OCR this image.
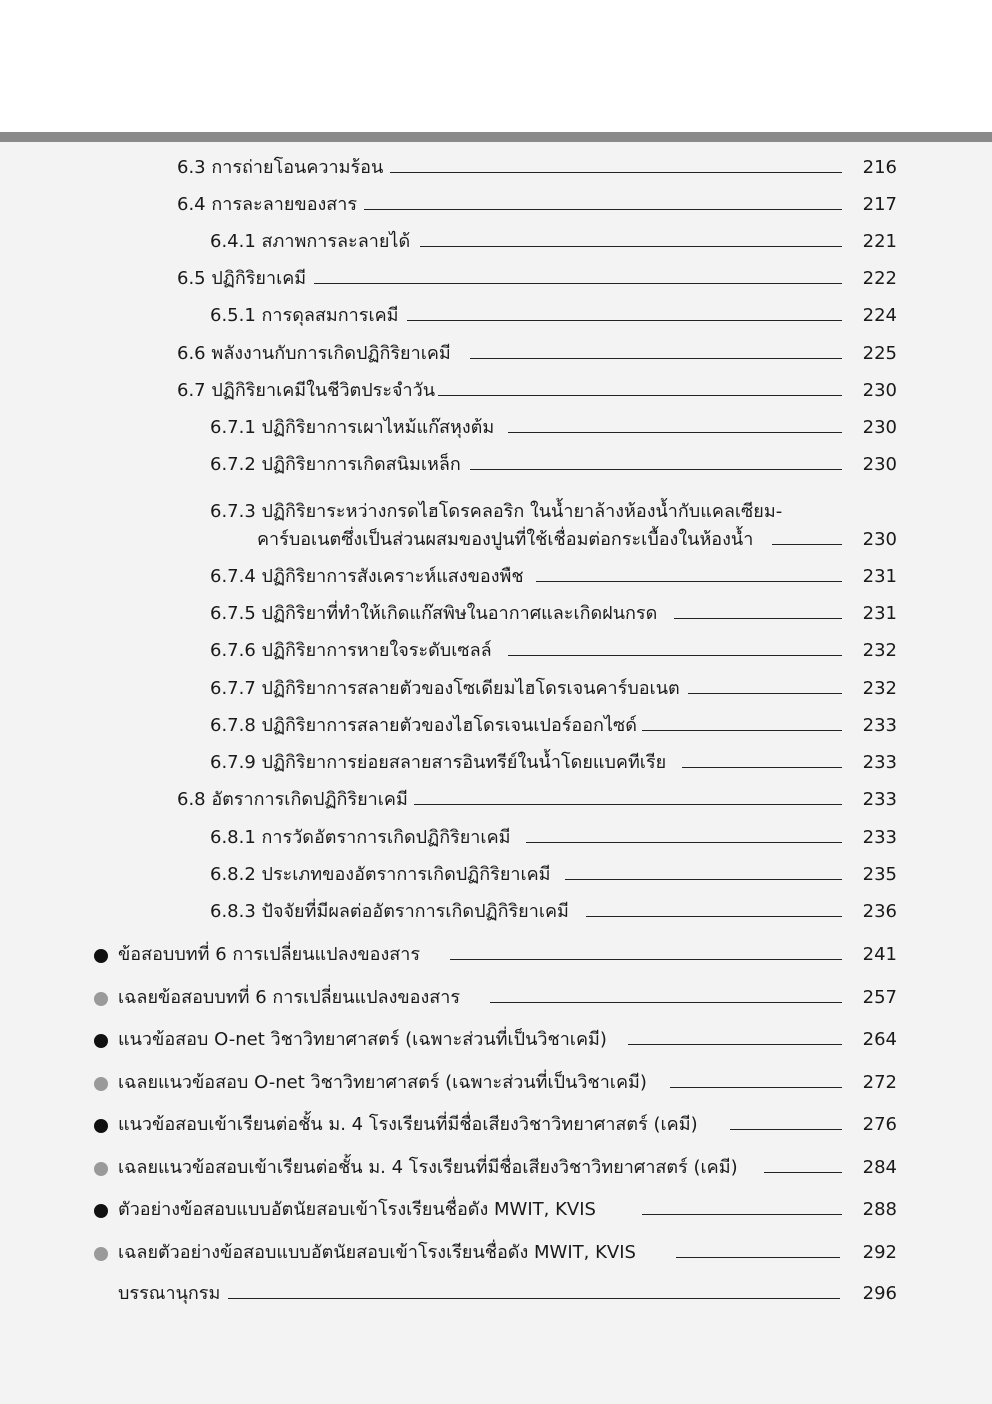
6.3 การถ่ายโอนความร้อน	216
6.4 การละลายของสาร	217
6.4.1 สภาพการละลายได้	221
6.5 ปฏิกิริยาเคมี	222
6.5.1 การดุลสมการเคมี	224
6.6 พลังงานกับการเกิดปฏิกิริยาเคมี	225
6.7 ปฏิกิริยาเคมีในชีวิตประจำวัน	230
6.7.1 ปฏิกิริยาการเผาไหม้แก๊สหุงต้ม	230
6.7.2 ปฏิกิริยาการเกิดสนิมเหล็ก	230
6.7.3 ปฏิกิริยาระหว่างกรดไฮโดรคลอริก ในน้ำยาล้างห้องน้ำกับแคลเซียม-
คาร์บอเนตซึ่งเป็นส่วนผสมของปูนที่ใช้เชื่อมต่อกระเบื้องในห้องน้ำ	230
6.7.4 ปฏิกิริยาการสังเคราะห์แสงของพืช	231
6.7.5 ปฏิกิริยาที่ทำให้เกิดแก๊สพิษในอากาศและเกิดฝนกรด	231
6.7.6 ปฏิกิริยาการหายใจระดับเซลล์	232
6.7.7 ปฏิกิริยาการสลายตัวของโซเดียมไฮโดรเจนคาร์บอเนต	232
6.7.8 ปฏิกิริยาการสลายตัวของไฮโดรเจนเปอร์ออกไซด์	233
6.7.9 ปฏิกิริยาการย่อยสลายสารอินทรีย์ในน้ำโดยแบคทีเรีย	233
6.8 อัตราการเกิดปฏิกิริยาเคมี	233
6.8.1 การวัดอัตราการเกิดปฏิกิริยาเคมี	233
6.8.2 ประเภทของอัตราการเกิดปฏิกิริยาเคมี	235
6.8.3 ปัจจัยที่มีผลต่ออัตราการเกิดปฏิกิริยาเคมี	236
ข้อสอบบทที่ 6 การเปลี่ยนแปลงของสาร	241
เฉลยข้อสอบบทที่ 6 การเปลี่ยนแปลงของสาร	257
แนวข้อสอบ O-net วิชาวิทยาศาสตร์ (เฉพาะส่วนที่เป็นวิชาเคมี)	264
เฉลยแนวข้อสอบ O-net วิชาวิทยาศาสตร์ (เฉพาะส่วนที่เป็นวิชาเคมี)	272
แนวข้อสอบเข้าเรียนต่อชั้น ม. 4 โรงเรียนที่มีชื่อเสียงวิชาวิทยาศาสตร์ (เคมี)	276
เฉลยแนวข้อสอบเข้าเรียนต่อชั้น ม. 4 โรงเรียนที่มีชื่อเสียงวิชาวิทยาศาสตร์ (เคมี)	284
ตัวอย่างข้อสอบแบบอัตนัยสอบเข้าโรงเรียนชื่อดัง MWIT, KVIS	288
เฉลยตัวอย่างข้อสอบแบบอัตนัยสอบเข้าโรงเรียนชื่อดัง MWIT, KVIS	292
บรรณานุกรม	296
